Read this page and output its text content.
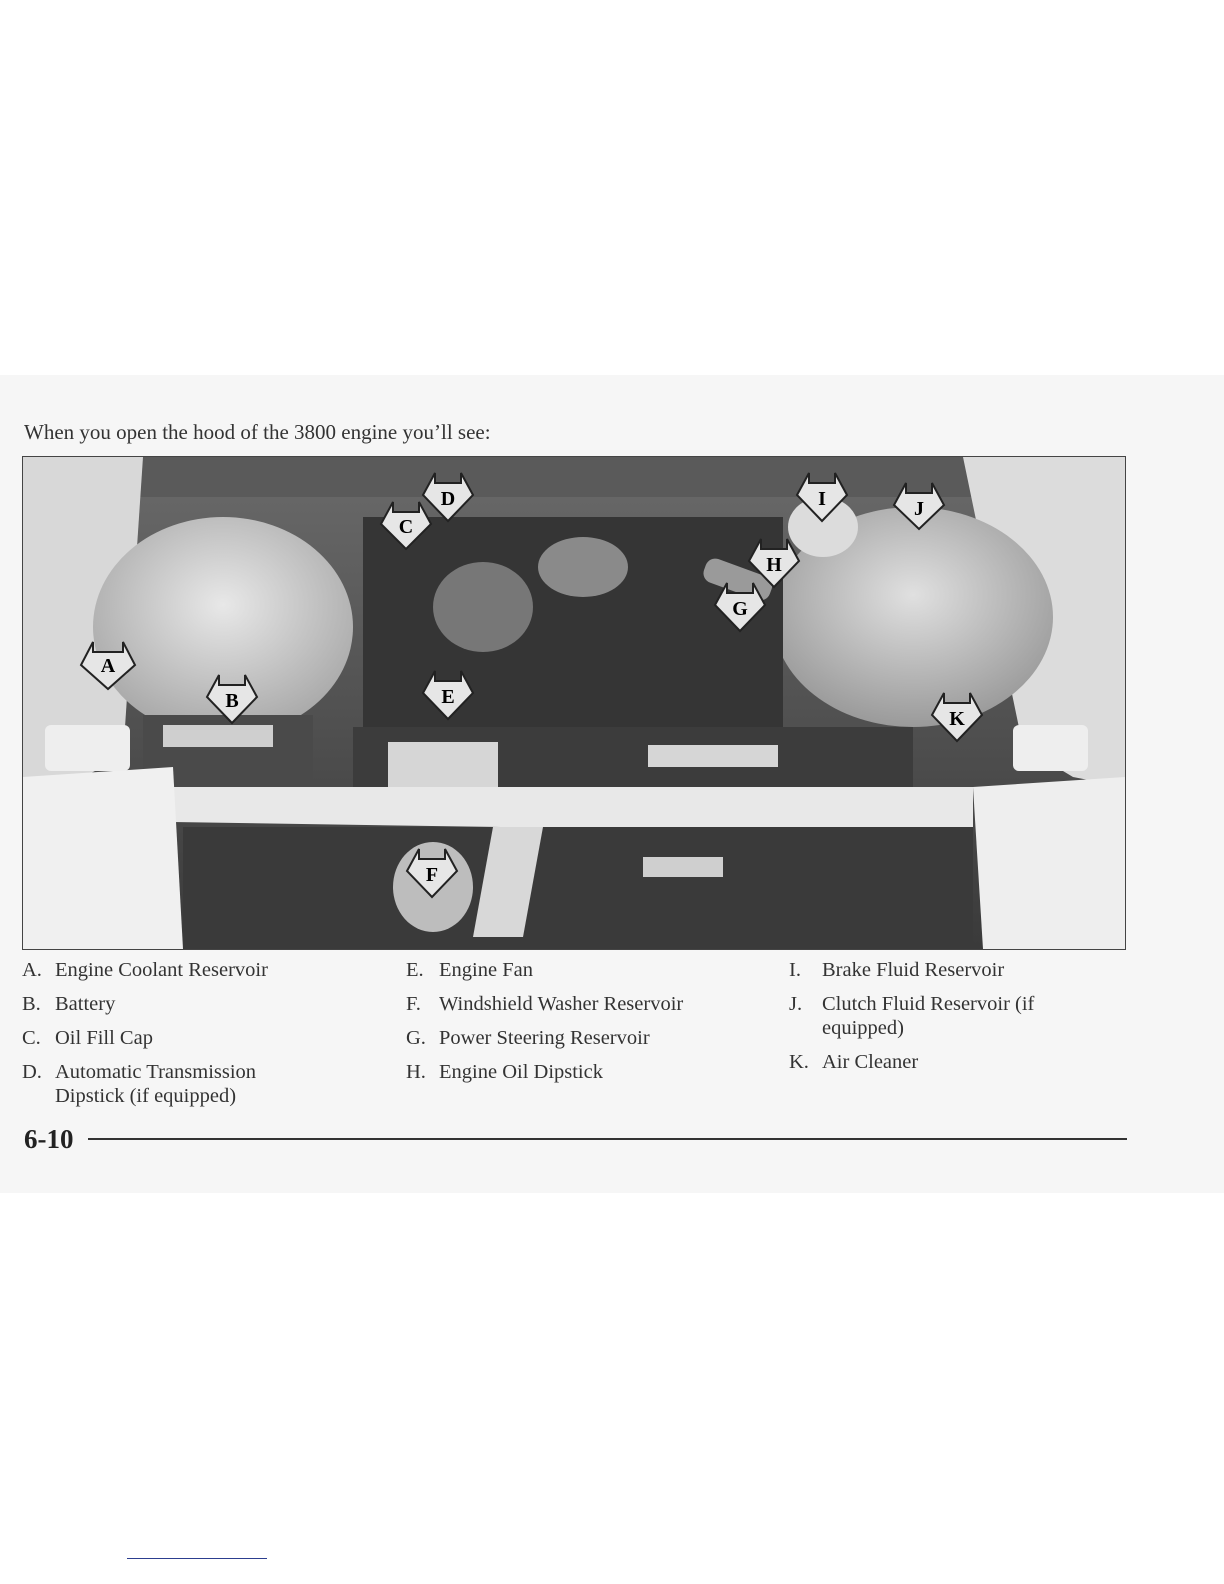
When you open the hood of the 3800 engine you’ll see:
A
B
C
D
E
F
G
H
I	J
K
A. Engine Coolant Reservoir
B. Battery
C. Oil Fill Cap
D. Automatic Transmission Dipstick (if equipped)
E. Engine Fan
F. Windshield Washer Reservoir
G. Power Steering Reservoir
H. Engine Oil Dipstick
I. Brake Fluid Reservoir
J. Clutch Fluid Reservoir (if equipped)
K. Air Cleaner
6-10
